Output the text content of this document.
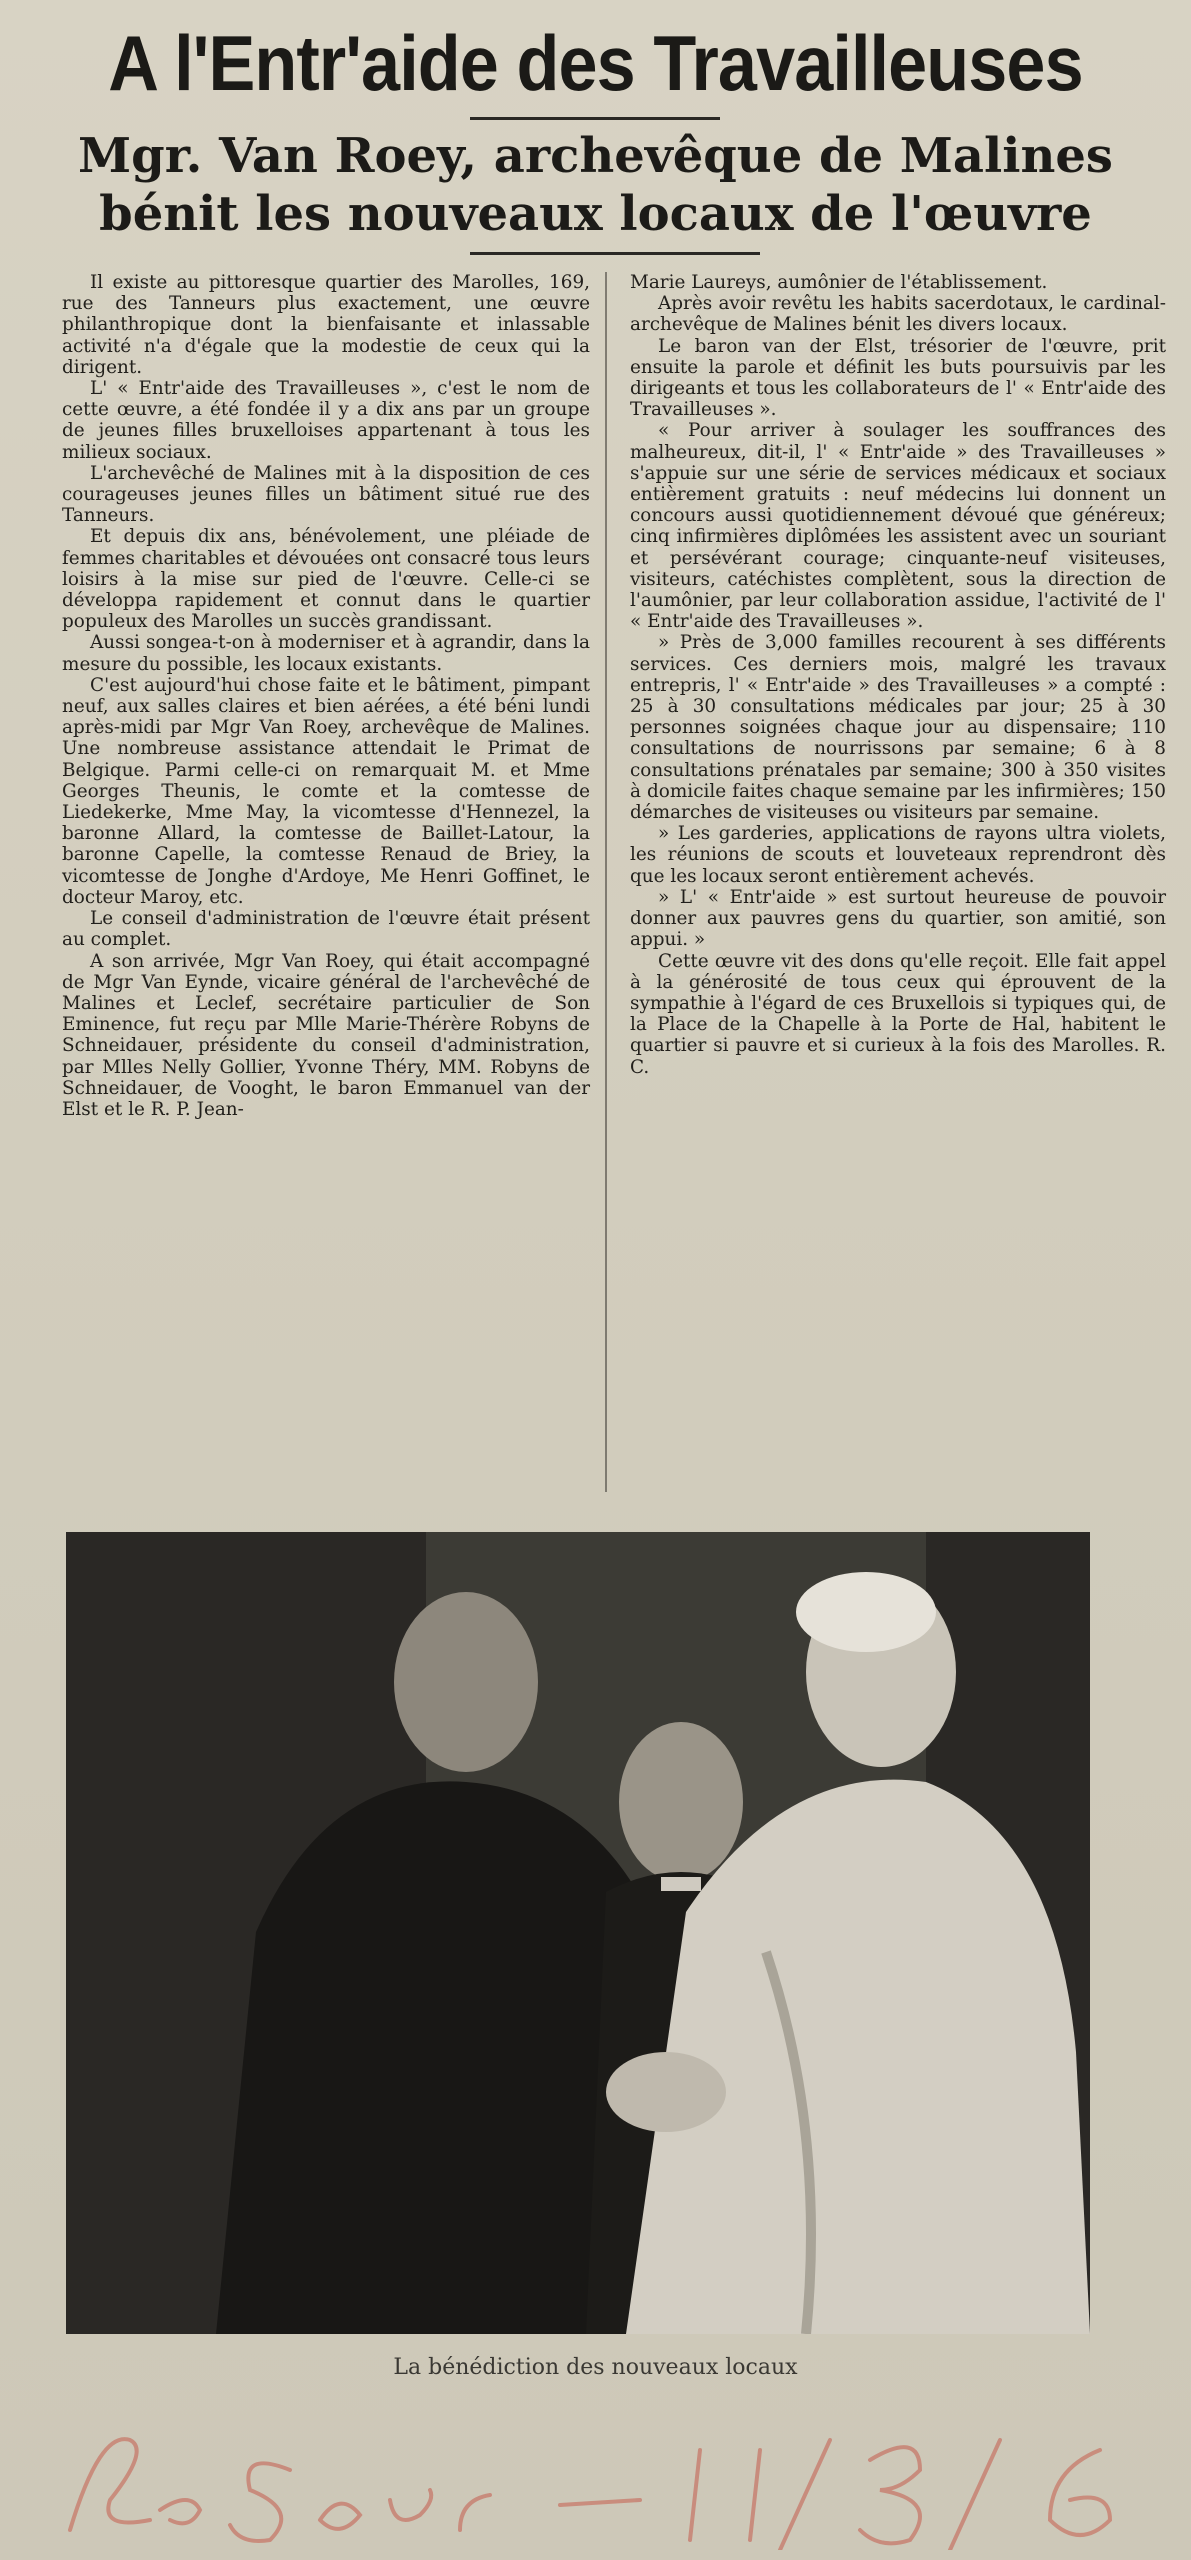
A l'Entr'aide des Travailleuses
Mgr. Van Roey, archevêque de Malines
bénit les nouveaux locaux de l'œuvre

Il existe au pittoresque quartier des Marolles, 169, rue des Tanneurs plus exactement, une œuvre philanthropique dont la bienfaisante et inlassable activité n'a d'égale que la modestie de ceux qui la dirigent.

L' « Entr'aide des Travailleuses », c'est le nom de cette œuvre, a été fondée il y a dix ans par un groupe de jeunes filles bruxelloises appartenant à tous les milieux sociaux.

L'archevêché de Malines mit à la disposition de ces courageuses jeunes filles un bâtiment situé rue des Tanneurs.

Et depuis dix ans, bénévolement, une pléiade de femmes charitables et dévouées ont consacré tous leurs loisirs à la mise sur pied de l'œuvre. Celle-ci se développa rapidement et connut dans le quartier populeux des Marolles un succès grandissant.

Aussi songea-t-on à moderniser et à agrandir, dans la mesure du possible, les locaux existants.

C'est aujourd'hui chose faite et le bâtiment, pimpant neuf, aux salles claires et bien aérées, a été béni lundi après-midi par Mgr Van Roey, archevêque de Malines. Une nombreuse assistance attendait le Primat de Belgique. Parmi celle-ci on remarquait M. et Mme Georges Theunis, le comte et la comtesse de Liedekerke, Mme May, la vicomtesse d'Hennezel, la baronne Allard, la comtesse de Baillet-Latour, la baronne Capelle, la comtesse Renaud de Briey, la vicomtesse de Jonghe d'Ardoye, Me Henri Goffinet, le docteur Maroy, etc.

Le conseil d'administration de l'œuvre était présent au complet.

A son arrivée, Mgr Van Roey, qui était accompagné de Mgr Van Eynde, vicaire général de l'archevêché de Malines et Leclef, secrétaire particulier de Son Eminence, fut reçu par Mlle Marie-Thérère Robyns de Schneidauer, présidente du conseil d'administration, par Mlles Nelly Gollier, Yvonne Théry, MM. Robyns de Schneidauer, de Vooght, le baron Emmanuel van der Elst et le R. P. Jean-

Marie Laureys, aumônier de l'établissement.

Après avoir revêtu les habits sacerdotaux, le cardinal-archevêque de Malines bénit les divers locaux.

Le baron van der Elst, trésorier de l'œuvre, prit ensuite la parole et définit les buts poursuivis par les dirigeants et tous les collaborateurs de l' « Entr'aide des Travailleuses ».

« Pour arriver à soulager les souffrances des malheureux, dit-il, l' « Entr'aide » des Travailleuses » s'appuie sur une série de services médicaux et sociaux entièrement gratuits : neuf médecins lui donnent un concours aussi quotidiennement dévoué que généreux; cinq infirmières diplômées les assistent avec un souriant et persévérant courage; cinquante-neuf visiteuses, visiteurs, catéchistes complètent, sous la direction de l'aumônier, par leur collaboration assidue, l'activité de l' « Entr'aide des Travailleuses ».

» Près de 3,000 familles recourent à ses différents services. Ces derniers mois, malgré les travaux entrepris, l' « Entr'aide » des Travailleuses » a compté : 25 à 30 consultations médicales par jour; 25 à 30 personnes soignées chaque jour au dispensaire; 110 consultations de nourrissons par semaine; 6 à 8 consultations prénatales par semaine; 300 à 350 visites à domicile faites chaque semaine par les infirmières; 150 démarches de visiteuses ou visiteurs par semaine.

» Les garderies, applications de rayons ultra violets, les réunions de scouts et louveteaux reprendront dès que les locaux seront entièrement achevés.

» L' « Entr'aide » est surtout heureuse de pouvoir donner aux pauvres gens du quartier, son amitié, son appui. »

Cette œuvre vit des dons qu'elle reçoit. Elle fait appel à la générosité de tous ceux qui éprouvent de la sympathie à l'égard de ces Bruxellois si typiques qui, de la Place de la Chapelle à la Porte de Hal, habitent le quartier si pauvre et si curieux à la fois des Marolles. R. C.

La bénédiction des nouveaux locaux
